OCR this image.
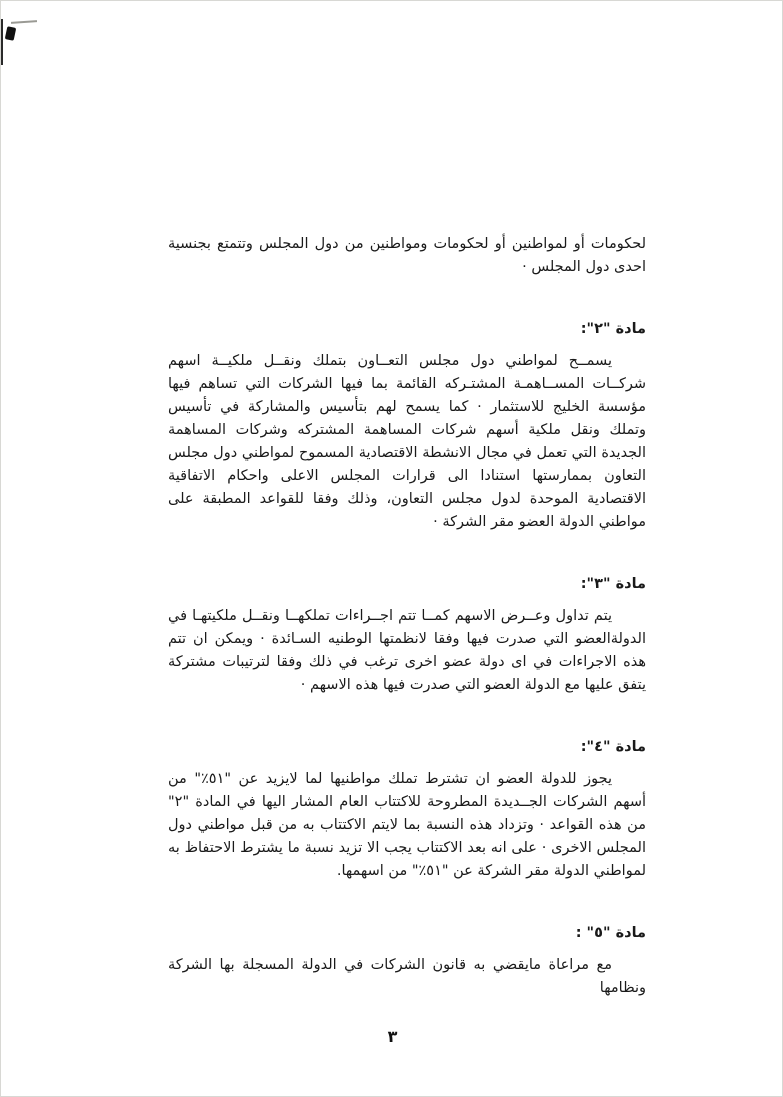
لحكومات أو لمواطنين أو لحكومات ومواطنين من دول المجلس وتتمتع بجنسية احدى دول المجلس ·

مادة "٢":

يسمــح لمواطني دول مجلس التعــاون بتملك ونقــل ملكيــة اسهم شركــات المســاهمـة المشتـركه القائمة بما فيها الشركات التي تساهم فيها مؤسسة الخليج للاستثمار · كما يسمح لهم بتأسيس والمشاركة في تأسيس وتملك ونقل ملكية أسهم شركات المساهمة المشتركه وشركات المساهمة الجديدة التي تعمل في مجال الانشطة الاقتصادية المسموح لمواطني دول مجلس التعاون بممارستها استنادا الى قرارات المجلس الاعلى واحكام الاتفاقية الاقتصادية الموحدة لدول مجلس التعاون، وذلك وفقا للقواعد المطبقة على مواطني الدولة العضو مقر الشركة ·

مادة "٣":

يتم تداول وعــرض الاسهم كمــا تتم اجــراءات تملكهــا ونقــل ملكيتهـا في الدولةالعضو التي صدرت فيها وفقا لانظمتها الوطنيه السـائدة · ويمكن ان تتم هذه الاجراءات في اى دولة عضو اخرى ترغب في ذلك وفقا لترتيبات مشتركة يتفق عليها مع الدولة العضو التي صدرت فيها هذه الاسهم ·

مادة "٤":

يجوز للدولة العضو ان تشترط تملك مواطنيها لما لايزيد عن "٥١٪" من أسهم الشركات الجــديدة المطروحة للاكتتاب العام المشار اليها في المادة "٢" من هذه القواعد · وتزداد هذه النسبة بما لايتم الاكتتاب به من قبل مواطني دول المجلس الاخرى · على انه بعد الاكتتاب يجب الا تزيد نسبة ما يشترط الاحتفاظ به لمواطني الدولة مقر الشركة عن "٥١٪" من اسهمها.

مادة "٥" :

مع مراعاة مايقضي به قانون الشركات في الدولة المسجلة بها الشركة ونظامها

٣
